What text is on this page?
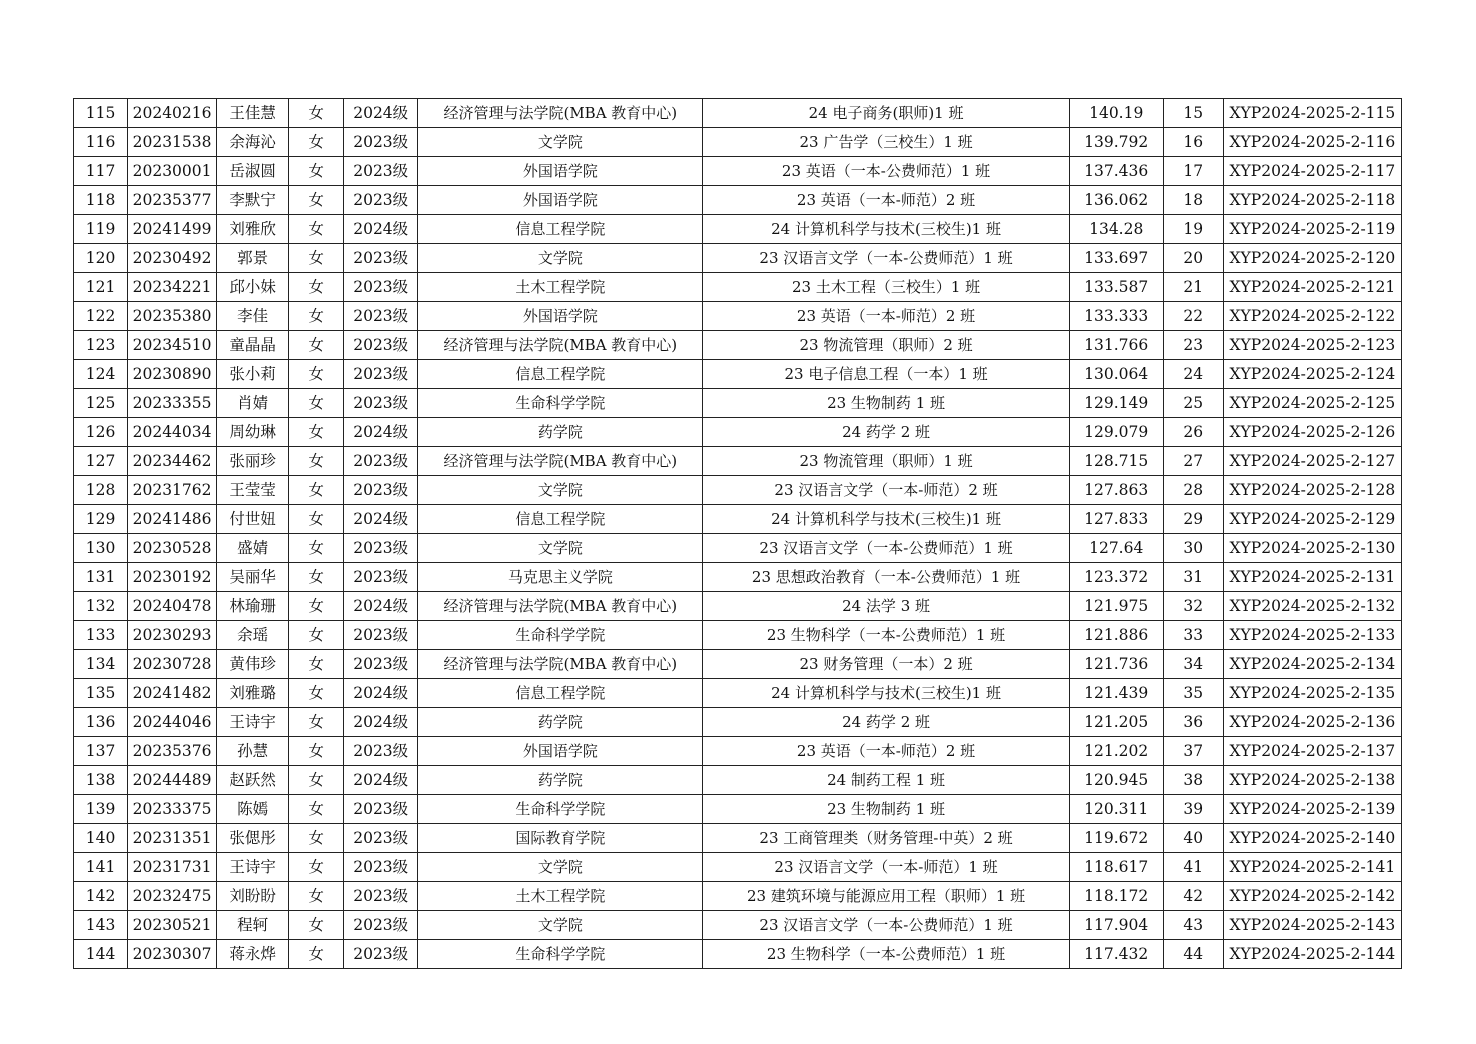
115	20240216	王佳慧	女	2024级	经济管理与法学院(MBA 教育中心)	24 电子商务(职师)1 班	140.19	15	XYP2024-2025-2-115
116	20231538	余海沁	女	2023级	文学院	23 广告学（三校生）1 班	139.792	16	XYP2024-2025-2-116
117	20230001	岳淑圆	女	2023级	外国语学院	23 英语（一本-公费师范）1 班	137.436	17	XYP2024-2025-2-117
118	20235377	李默宁	女	2023级	外国语学院	23 英语（一本-师范）2 班	136.062	18	XYP2024-2025-2-118
119	20241499	刘雅欣	女	2024级	信息工程学院	24 计算机科学与技术(三校生)1 班	134.28	19	XYP2024-2025-2-119
120	20230492	郭景	女	2023级	文学院	23 汉语言文学（一本-公费师范）1 班	133.697	20	XYP2024-2025-2-120
121	20234221	邱小妹	女	2023级	土木工程学院	23 土木工程（三校生）1 班	133.587	21	XYP2024-2025-2-121
122	20235380	李佳	女	2023级	外国语学院	23 英语（一本-师范）2 班	133.333	22	XYP2024-2025-2-122
123	20234510	童晶晶	女	2023级	经济管理与法学院(MBA 教育中心)	23 物流管理（职师）2 班	131.766	23	XYP2024-2025-2-123
124	20230890	张小莉	女	2023级	信息工程学院	23 电子信息工程（一本）1 班	130.064	24	XYP2024-2025-2-124
125	20233355	肖婧	女	2023级	生命科学学院	23 生物制药 1 班	129.149	25	XYP2024-2025-2-125
126	20244034	周幼琳	女	2024级	药学院	24 药学 2 班	129.079	26	XYP2024-2025-2-126
127	20234462	张丽珍	女	2023级	经济管理与法学院(MBA 教育中心)	23 物流管理（职师）1 班	128.715	27	XYP2024-2025-2-127
128	20231762	王莹莹	女	2023级	文学院	23 汉语言文学（一本-师范）2 班	127.863	28	XYP2024-2025-2-128
129	20241486	付世妞	女	2024级	信息工程学院	24 计算机科学与技术(三校生)1 班	127.833	29	XYP2024-2025-2-129
130	20230528	盛婧	女	2023级	文学院	23 汉语言文学（一本-公费师范）1 班	127.64	30	XYP2024-2025-2-130
131	20230192	吴丽华	女	2023级	马克思主义学院	23 思想政治教育（一本-公费师范）1 班	123.372	31	XYP2024-2025-2-131
132	20240478	林瑜珊	女	2024级	经济管理与法学院(MBA 教育中心)	24 法学 3 班	121.975	32	XYP2024-2025-2-132
133	20230293	余瑶	女	2023级	生命科学学院	23 生物科学（一本-公费师范）1 班	121.886	33	XYP2024-2025-2-133
134	20230728	黄伟珍	女	2023级	经济管理与法学院(MBA 教育中心)	23 财务管理（一本）2 班	121.736	34	XYP2024-2025-2-134
135	20241482	刘雅璐	女	2024级	信息工程学院	24 计算机科学与技术(三校生)1 班	121.439	35	XYP2024-2025-2-135
136	20244046	王诗宇	女	2024级	药学院	24 药学 2 班	121.205	36	XYP2024-2025-2-136
137	20235376	孙慧	女	2023级	外国语学院	23 英语（一本-师范）2 班	121.202	37	XYP2024-2025-2-137
138	20244489	赵跃然	女	2024级	药学院	24 制药工程 1 班	120.945	38	XYP2024-2025-2-138
139	20233375	陈嫣	女	2023级	生命科学学院	23 生物制药 1 班	120.311	39	XYP2024-2025-2-139
140	20231351	张偲彤	女	2023级	国际教育学院	23 工商管理类（财务管理-中英）2 班	119.672	40	XYP2024-2025-2-140
141	20231731	王诗宇	女	2023级	文学院	23 汉语言文学（一本-师范）1 班	118.617	41	XYP2024-2025-2-141
142	20232475	刘盼盼	女	2023级	土木工程学院	23 建筑环境与能源应用工程（职师）1 班	118.172	42	XYP2024-2025-2-142
143	20230521	程轲	女	2023级	文学院	23 汉语言文学（一本-公费师范）1 班	117.904	43	XYP2024-2025-2-143
144	20230307	蒋永烨	女	2023级	生命科学学院	23 生物科学（一本-公费师范）1 班	117.432	44	XYP2024-2025-2-144
